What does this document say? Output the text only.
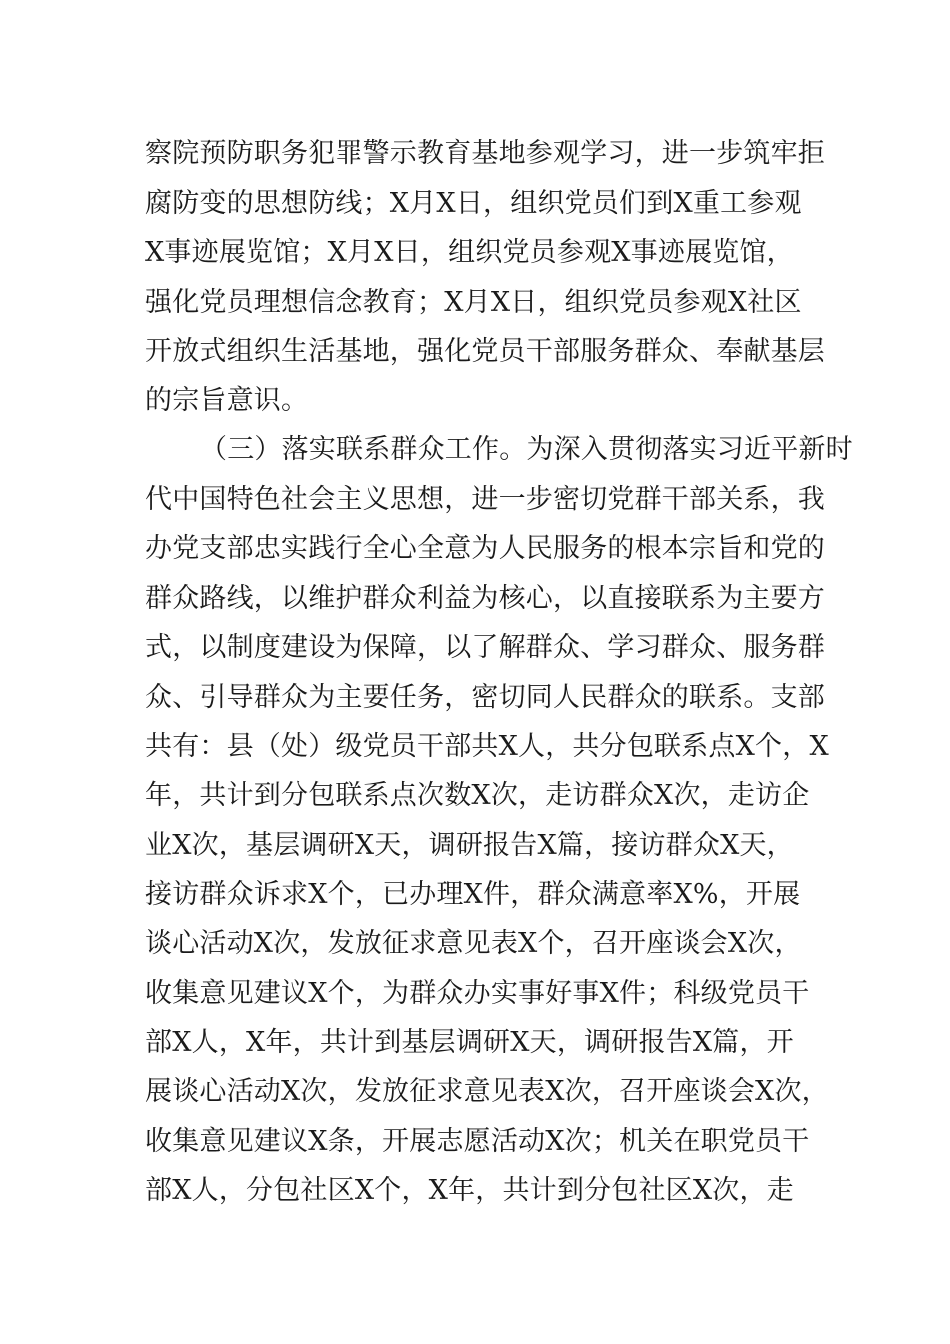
察院预防职务犯罪警示教育基地参观学习，进一步筑牢拒

腐防变的思想防线；X月X日，组织党员们到X重工参观

X事迹展览馆；X月X日，组织党员参观X事迹展览馆，

强化党员理想信念教育；X月X日，组织党员参观X社区

开放式组织生活基地，强化党员干部服务群众、奉献基层

的宗旨意识。

（三）落实联系群众工作。为深入贯彻落实习近平新时

代中国特色社会主义思想，进一步密切党群干部关系，我

办党支部忠实践行全心全意为人民服务的根本宗旨和党的

群众路线，以维护群众利益为核心，以直接联系为主要方

式，以制度建设为保障，以了解群众、学习群众、服务群

众、引导群众为主要任务，密切同人民群众的联系。支部

共有：县（处）级党员干部共X人，共分包联系点X个，X

年，共计到分包联系点次数X次，走访群众X次，走访企

业X次，基层调研X天，调研报告X篇，接访群众X天，

接访群众诉求X个，已办理X件，群众满意率X%，开展

谈心活动X次，发放征求意见表X个，召开座谈会X次，

收集意见建议X个，为群众办实事好事X件；科级党员干

部X人，X年，共计到基层调研X天，调研报告X篇，开

展谈心活动X次，发放征求意见表X次，召开座谈会X次，

收集意见建议X条，开展志愿活动X次；机关在职党员干

部X人，分包社区X个，X年，共计到分包社区X次，走
